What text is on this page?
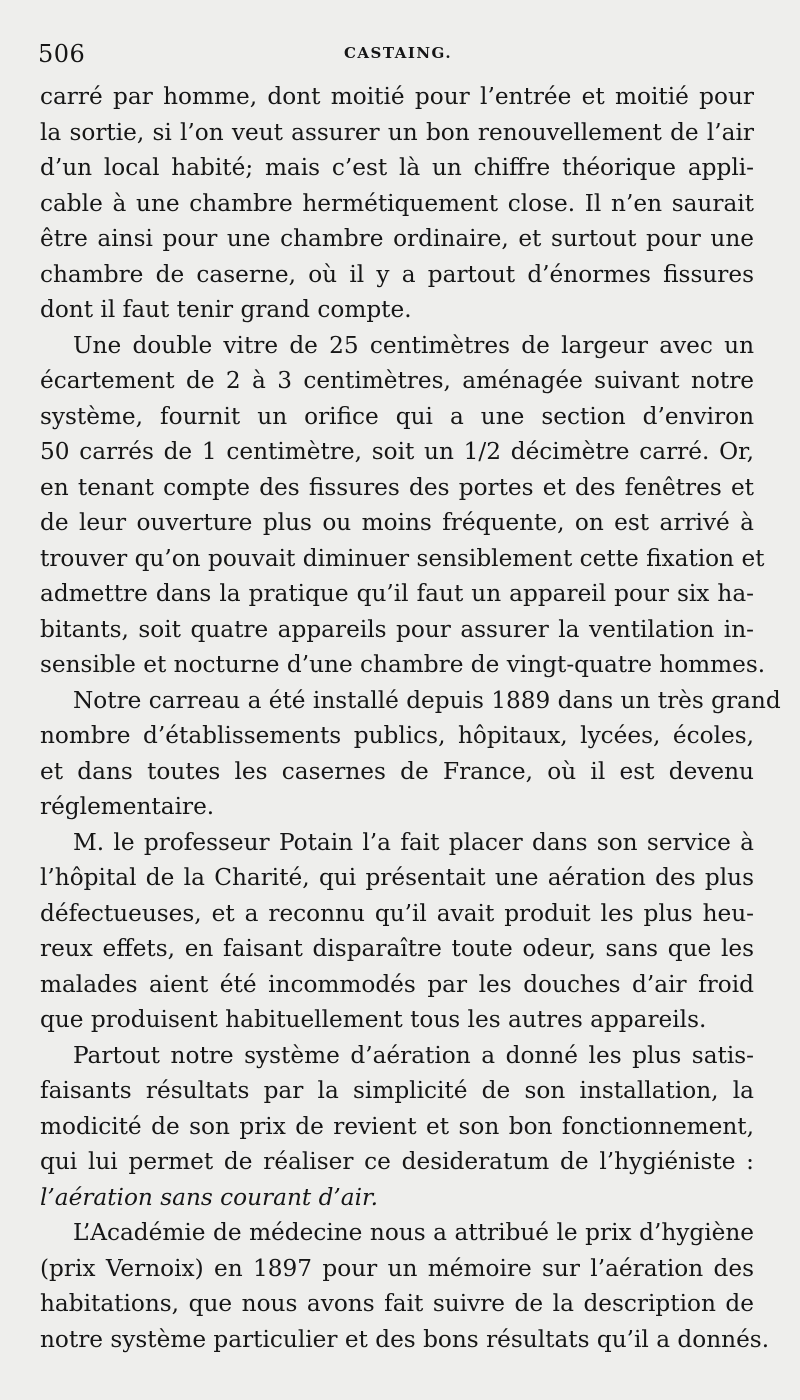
506	CASTAING.
carré par homme, dont moitié pour l’entrée et moitié pour
la sortie, si l’on veut assurer un bon renouvellement de l’air
d’un local habité; mais c’est là un chiffre théorique appli-
cable à une chambre hermétiquement close. Il n’en saurait
être ainsi pour une chambre ordinaire, et surtout pour une
chambre de caserne, où il y a partout d’énormes fissures
dont il faut tenir grand compte.
Une double vitre de 25 centimètres de largeur avec un
écartement de 2 à 3 centimètres, aménagée suivant notre
système, fournit un orifice qui a une section d’environ
50 carrés de 1 centimètre, soit un 1/2 décimètre carré. Or,
en tenant compte des fissures des portes et des fenêtres et
de leur ouverture plus ou moins fréquente, on est arrivé à
trouver qu’on pouvait diminuer sensiblement cette fixation et
admettre dans la pratique qu’il faut un appareil pour six ha-
bitants, soit quatre appareils pour assurer la ventilation in-
sensible et nocturne d’une chambre de vingt-quatre hommes.
Notre carreau a été installé depuis 1889 dans un très grand
nombre d’établissements publics, hôpitaux, lycées, écoles,
et dans toutes les casernes de France, où il est devenu
réglementaire.
M. le professeur Potain l’a fait placer dans son service à
l’hôpital de la Charité, qui présentait une aération des plus
défectueuses, et a reconnu qu’il avait produit les plus heu-
reux effets, en faisant disparaître toute odeur, sans que les
malades aient été incommodés par les douches d’air froid
que produisent habituellement tous les autres appareils.
Partout notre système d’aération a donné les plus satis-
faisants résultats par la simplicité de son installation, la
modicité de son prix de revient et son bon fonctionnement,
qui lui permet de réaliser ce desideratum de l’hygiéniste :
l’aération sans courant d’air.
L’Académie de médecine nous a attribué le prix d’hygiène
(prix Vernoix) en 1897 pour un mémoire sur l’aération des
habitations, que nous avons fait suivre de la description de
notre système particulier et des bons résultats qu’il a donnés.
